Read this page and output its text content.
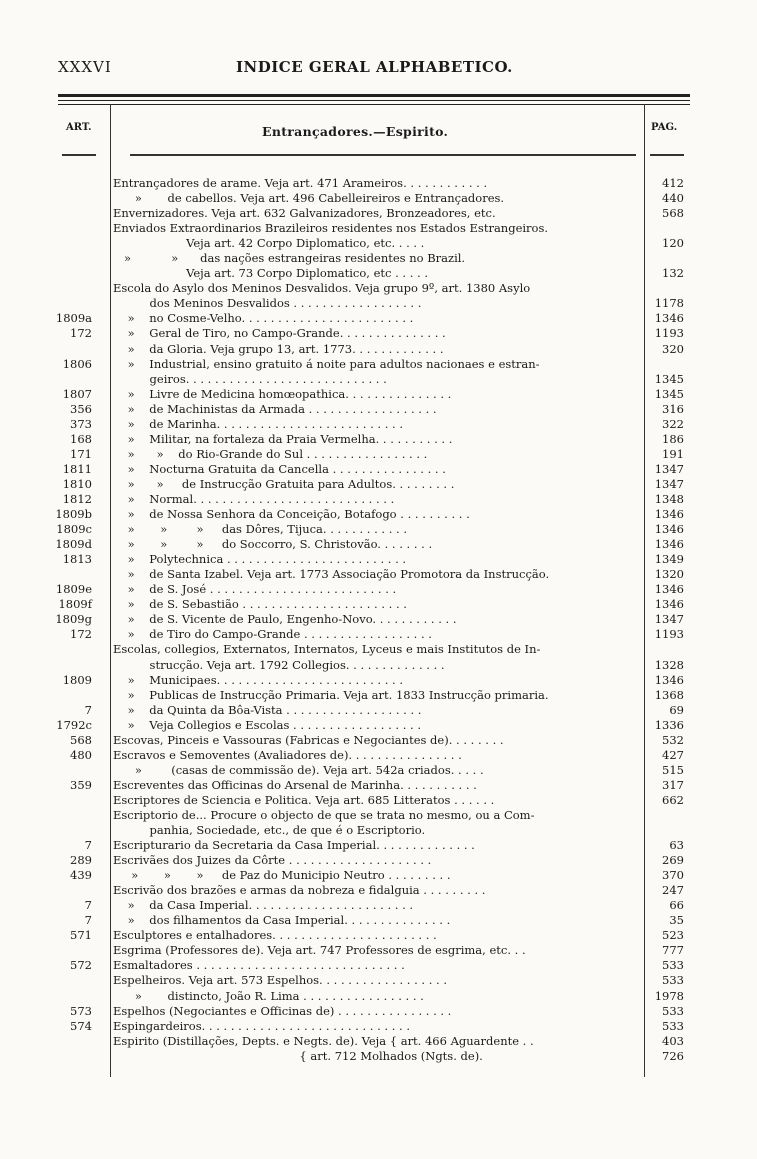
XXXVI	INDICE GERAL ALPHABETICO.
ART.	Entrançadores.—Espirito.	PAG.
Entrançadores de arame. Veja art. 471 Arameiros. . . . . . . . . . . .	412
»       de cabellos. Veja art. 496 Cabelleireiros e Entrançadores.	440
Envernizadores. Veja art. 632 Galvanizadores, Bronzeadores, etc.	568
Enviados Extraordinarios Brazileiros residentes nos Estados Estrangeiros.
Veja art. 42 Corpo Diplomatico, etc. . . . .	120
»           »      das nações estrangeiras residentes no Brazil.
Veja art. 73 Corpo Diplomatico, etc . . . . .	132
Escola do Asylo dos Meninos Desvalidos. Veja grupo 9º, art. 1380 Asylo
dos Meninos Desvalidos . . . . . . . . . . . . . . . . . .	1178
1809a »    no Cosme-Velho. . . . . . . . . . . . . . . . . . . . . . . .	1346
172 »    Geral de Tiro, no Campo-Grande. . . . . . . . . . . . . . .	1193
»    da Gloria. Veja grupo 13, art. 1773. . . . . . . . . . . . .	320
1806 »    Industrial, ensino gratuito á noite para adultos nacionaes e estran-
geiros. . . . . . . . . . . . . . . . . . . . . . . . . . . .	1345
1807 »    Livre de Medicina homœopathica. . . . . . . . . . . . . . .	1345
356 »    de Machinistas da Armada . . . . . . . . . . . . . . . . . .	316
373 »    de Marinha. . . . . . . . . . . . . . . . . . . . . . . . . .	322
168 »    Militar, na fortaleza da Praia Vermelha. . . . . . . . . . .	186
171 »      »    do Rio-Grande do Sul . . . . . . . . . . . . . . . . .	191
1811 »    Nocturna Gratuita da Cancella . . . . . . . . . . . . . . . .	1347
1810 »      »     de Instrucção Gratuita para Adultos. . . . . . . . .	1347
1812 »    Normal. . . . . . . . . . . . . . . . . . . . . . . . . . . .	1348
1809b »    de Nossa Senhora da Conceição, Botafogo . . . . . . . . . .	1346
1809c »       »        »     das Dôres, Tijuca. . . . . . . . . . . .	1346
1809d »       »        »     do Soccorro, S. Christovão. . . . . . . .	1346
1813 »    Polytechnica . . . . . . . . . . . . . . . . . . . . . . . . .	1349
»    de Santa Izabel. Veja art. 1773 Associação Promotora da Instrucção.	1320
1809e »    de S. José . . . . . . . . . . . . . . . . . . . . . . . . . .	1346
1809f »    de S. Sebastião . . . . . . . . . . . . . . . . . . . . . . .	1346
1809g »    de S. Vicente de Paulo, Engenho-Novo. . . . . . . . . . . .	1347
172 »    de Tiro do Campo-Grande . . . . . . . . . . . . . . . . . .	1193
Escolas, collegios, Externatos, Internatos, Lyceus e mais Institutos de In-
strucção. Veja art. 1792 Collegios. . . . . . . . . . . . . .	1328
1809 »    Municipaes. . . . . . . . . . . . . . . . . . . . . . . . . .	1346
»    Publicas de Instrucção Primaria. Veja art. 1833 Instrucção primaria.	1368
7 »    da Quinta da Bôa-Vista . . . . . . . . . . . . . . . . . . .	69
1792c »    Veja Collegios e Escolas . . . . . . . . . . . . . . . . . .	1336
568 Escovas, Pinceis e Vassouras (Fabricas e Negociantes de). . . . . . . .	532
480 Escravos e Semoventes (Avaliadores de). . . . . . . . . . . . . . . .	427
»        (casas de commissão de). Veja art. 542a criados. . . . .	515
359 Escreventes das Officinas do Arsenal de Marinha. . . . . . . . . . .	317
Escriptores de Sciencia e Politica. Veja art. 685 Litteratos . . . . . .	662
Escriptorio de... Procure o objecto de que se trata no mesmo, ou a Com-
panhia, Sociedade, etc., de que é o Escriptorio.
7 Escripturario da Secretaria da Casa Imperial. . . . . . . . . . . . . .	63
289 Escrivães dos Juizes da Côrte . . . . . . . . . . . . . . . . . . . .	269
439 »       »       »     de Paz do Municipio Neutro . . . . . . . . .	370
Escrivão dos brazões e armas da nobreza e fidalguia . . . . . . . . .	247
7 »    da Casa Imperial. . . . . . . . . . . . . . . . . . . . . . .	66
7 »    dos filhamentos da Casa Imperial. . . . . . . . . . . . . . .	35
571 Esculptores e entalhadores. . . . . . . . . . . . . . . . . . . . . . .	523
Esgrima (Professores de). Veja art. 747 Professores de esgrima, etc. . .	777
572 Esmaltadores . . . . . . . . . . . . . . . . . . . . . . . . . . . . .	533
Espelheiros. Veja art. 573 Espelhos. . . . . . . . . . . . . . . . . .	533
»       distincto, João R. Lima . . . . . . . . . . . . . . . . .	1978
573 Espelhos (Negociantes e Officinas de) . . . . . . . . . . . . . . . .	533
574 Espingardeiros. . . . . . . . . . . . . . . . . . . . . . . . . . . . .	533
Espirito (Distillações, Depts. e Negts. de). Veja { art. 466 Aguardente . .	403
{ art. 712 Molhados (Ngts. de).	726
